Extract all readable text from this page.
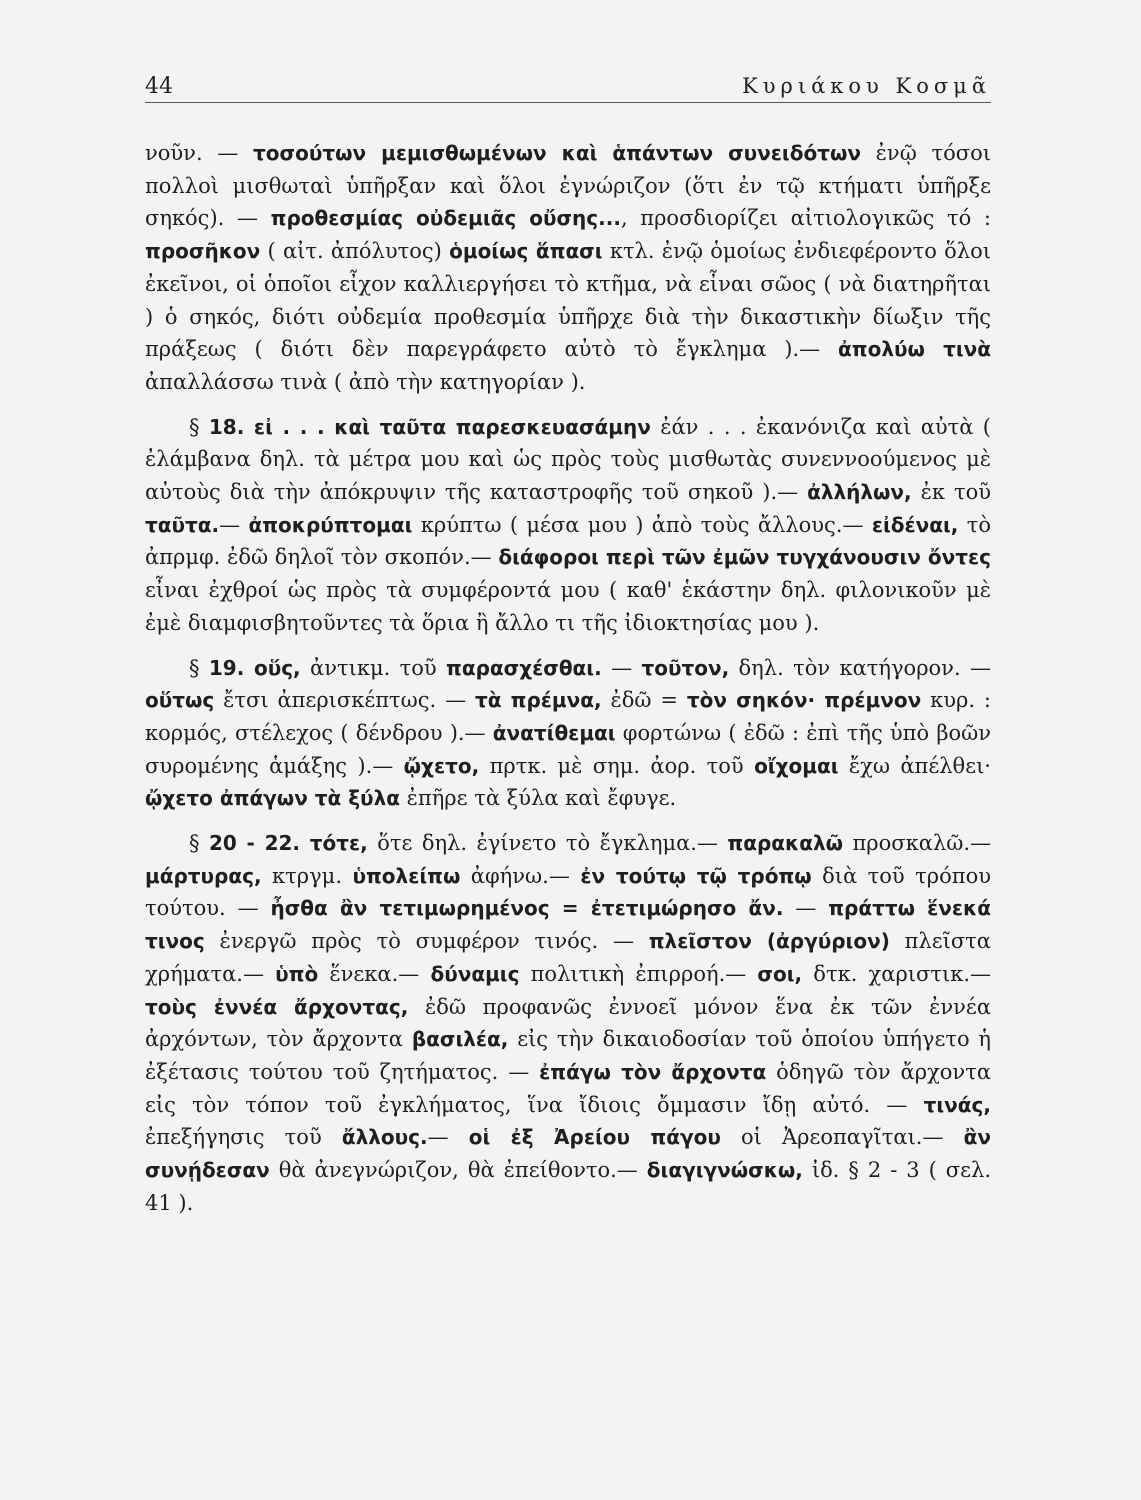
44	Κυριάκου Κοσμᾶ

νοῦν. — τοσούτων μεμισθωμένων καὶ ἁπάντων συνειδότων ἐνῷ τόσοι πολλοὶ μισθωταὶ ὑπῆρξαν καὶ ὅλοι ἐγνώριζον (ὅτι ἐν τῷ κτήματι ὑπῆρξε σηκός). — προθεσμίας οὐδεμιᾶς οὔσης..., προσδιορίζει αἰτιολογικῶς τό : προσῆκον ( αἰτ. ἀπόλυτος) ὁμοίως ἅπασι κτλ. ἐνῷ ὁμοίως ἐνδιεφέροντο ὅλοι ἐκεῖνοι, οἱ ὁποῖοι εἶχον καλλιεργήσει τὸ κτῆμα, νὰ εἶναι σῶος ( νὰ διατηρῆται ) ὁ σηκός, διότι οὐδεμία προθεσμία ὑπῆρχε διὰ τὴν δικαστικὴν δίωξιν τῆς πράξεως ( διότι δὲν παρεγράφετο αὐτὸ τὸ ἔγκλημα ).— ἀπολύω τινὰ ἀπαλλάσσω τινὰ ( ἀπὸ τὴν κατηγορίαν ).

§ 18. εἰ . . . καὶ ταῦτα παρεσκευασάμην ἐάν . . . ἐκανόνιζα καὶ αὐτὰ ( ἐλάμβανα δηλ. τὰ μέτρα μου καὶ ὡς πρὸς τοὺς μισθωτὰς συνεννοούμενος μὲ αὐτοὺς διὰ τὴν ἀπόκρυψιν τῆς καταστροφῆς τοῦ σηκοῦ ).— ἀλλήλων, ἐκ τοῦ ταῦτα.— ἀποκρύπτομαι κρύπτω ( μέσα μου ) ἀπὸ τοὺς ἄλλους.— εἰδέναι, τὸ ἀπρμφ. ἐδῶ δηλοῖ τὸν σκοπόν.— διάφοροι περὶ τῶν ἐμῶν τυγχάνουσιν ὄντες εἶναι ἐχθροί ὡς πρὸς τὰ συμφέροντά μου ( καθ' ἑκάστην δηλ. φιλονικοῦν μὲ ἐμὲ διαμφισβητοῦντες τὰ ὅρια ἢ ἄλλο τι τῆς ἰδιοκτησίας μου ).

§ 19. οὕς, ἀντικμ. τοῦ παρασχέσθαι. — τοῦτον, δηλ. τὸν κατήγορον. — οὕτως ἔτσι ἀπερισκέπτως. — τὰ πρέμνα, ἐδῶ = τὸν σηκόν· πρέμνον κυρ. : κορμός, στέλεχος ( δένδρου ).— ἀνατίθεμαι φορτώνω ( ἐδῶ : ἐπὶ τῆς ὑπὸ βοῶν συρομένης ἁμάξης ).— ᾤχετο, πρτκ. μὲ σημ. ἀορ. τοῦ οἴχομαι ἔχω ἀπέλθει· ᾤχετο ἀπάγων τὰ ξύλα ἐπῆρε τὰ ξύλα καὶ ἔφυγε.

§ 20 - 22. τότε, ὅτε δηλ. ἐγίνετο τὸ ἔγκλημα.— παρακαλῶ προσκαλῶ.— μάρτυρας, κτργμ. ὑπολείπω ἀφήνω.— ἐν τούτῳ τῷ τρόπῳ διὰ τοῦ τρόπου τούτου. — ἦσθα ἂν τετιμωρημένος = ἐτετιμώρησο ἄν. — πράττω ἕνεκά τινος ἐνεργῶ πρὸς τὸ συμφέρον τινός. — πλεῖστον (ἀργύριον) πλεῖστα χρήματα.— ὑπὸ ἕνεκα.— δύναμις πολιτικὴ ἐπιρροή.— σοι, δτκ. χαριστικ.— τοὺς ἐννέα ἄρχοντας, ἐδῶ προφανῶς ἐννοεῖ μόνον ἕνα ἐκ τῶν ἐννέα ἀρχόντων, τὸν ἄρχοντα βασιλέα, εἰς τὴν δικαιοδοσίαν τοῦ ὁποίου ὑπήγετο ἡ ἐξέτασις τούτου τοῦ ζητήματος. — ἐπάγω τὸν ἄρχοντα ὁδηγῶ τὸν ἄρχοντα εἰς τὸν τόπον τοῦ ἐγκλήματος, ἵνα ἴδιοις ὄμμασιν ἴδῃ αὐτό. — τινάς, ἐπεξήγησις τοῦ ἄλλους.— οἱ ἐξ Ἀρείου πάγου οἱ Ἀρεοπαγῖται.— ἂν συνῄδεσαν θὰ ἀνεγνώριζον, θὰ ἐπείθοντο.— διαγιγνώσκω, ἰδ. § 2 - 3 ( σελ. 41 ).
